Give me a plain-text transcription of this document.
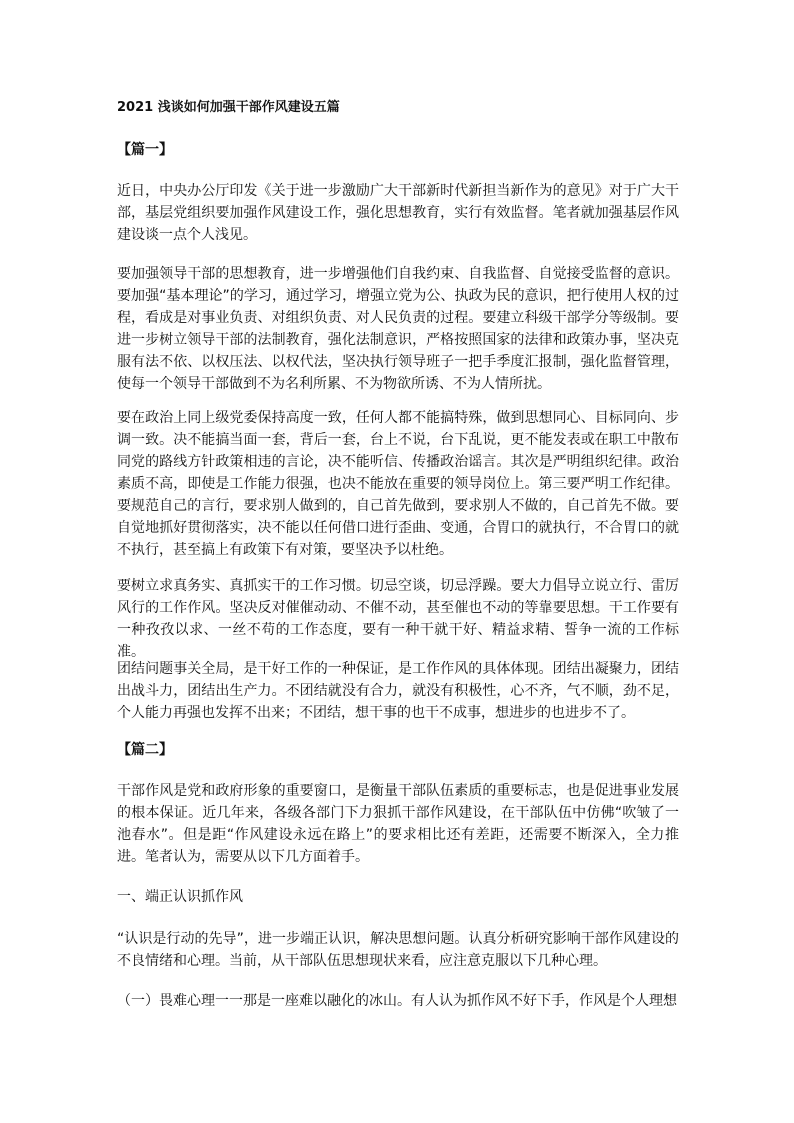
2021 浅谈如何加强干部作风建设五篇
【篇一】

近日，中央办公厅印发《关于进一步激励广大干部新时代新担当新作为的意见》对于广大干部，基层党组织要加强作风建设工作，强化思想教育，实行有效监督。笔者就加强基层作风建设谈一点个人浅见。

要加强领导干部的思想教育，进一步增强他们自我约束、自我监督、自觉接受监督的意识。要加强“基本理论”的学习，通过学习，增强立党为公、执政为民的意识，把行使用人权的过程，看成是对事业负责、对组织负责、对人民负责的过程。要建立科级干部学分等级制。要进一步树立领导干部的法制教育，强化法制意识，严格按照国家的法律和政策办事，坚决克服有法不依、以权压法、以权代法，坚决执行领导班子一把手季度汇报制，强化监督管理，使每一个领导干部做到不为名利所累、不为物欲所诱、不为人情所扰。

要在政治上同上级党委保持高度一致，任何人都不能搞特殊，做到思想同心、目标同向、步调一致。决不能搞当面一套，背后一套，台上不说，台下乱说，更不能发表或在职工中散布同党的路线方针政策相违的言论，决不能听信、传播政治谣言。其次是严明组织纪律。政治素质不高，即使是工作能力很强，也决不能放在重要的领导岗位上。第三要严明工作纪律。要规范自己的言行，要求别人做到的，自己首先做到，要求别人不做的，自己首先不做。要自觉地抓好贯彻落实，决不能以任何借口进行歪曲、变通，合胃口的就执行，不合胃口的就不执行，甚至搞上有政策下有对策，要坚决予以杜绝。

要树立求真务实、真抓实干的工作习惯。切忌空谈，切忌浮躁。要大力倡导立说立行、雷厉风行的工作作风。坚决反对催催动动、不催不动，甚至催也不动的等靠要思想。干工作要有一种孜孜以求、一丝不苟的工作态度，要有一种干就干好、精益求精、誓争一流的工作标准。

团结问题事关全局，是干好工作的一种保证，是工作作风的具体体现。团结出凝聚力，团结出战斗力，团结出生产力。不团结就没有合力，就没有积极性，心不齐，气不顺，劲不足，个人能力再强也发挥不出来；不团结，想干事的也干不成事，想进步的也进步不了。

【篇二】

干部作风是党和政府形象的重要窗口，是衡量干部队伍素质的重要标志，也是促进事业发展的根本保证。近几年来，各级各部门下力狠抓干部作风建设，在干部队伍中仿佛“吹皱了一池春水”。但是距“作风建设永远在路上”的要求相比还有差距，还需要不断深入，全力推进。笔者认为，需要从以下几方面着手。

一、端正认识抓作风

“认识是行动的先导”，进一步端正认识，解决思想问题。认真分析研究影响干部作风建设的不良情绪和心理。当前，从干部队伍思想现状来看，应注意克服以下几种心理。

（一）畏难心理一一那是一座难以融化的冰山。有人认为抓作风不好下手，作风是个人理想
